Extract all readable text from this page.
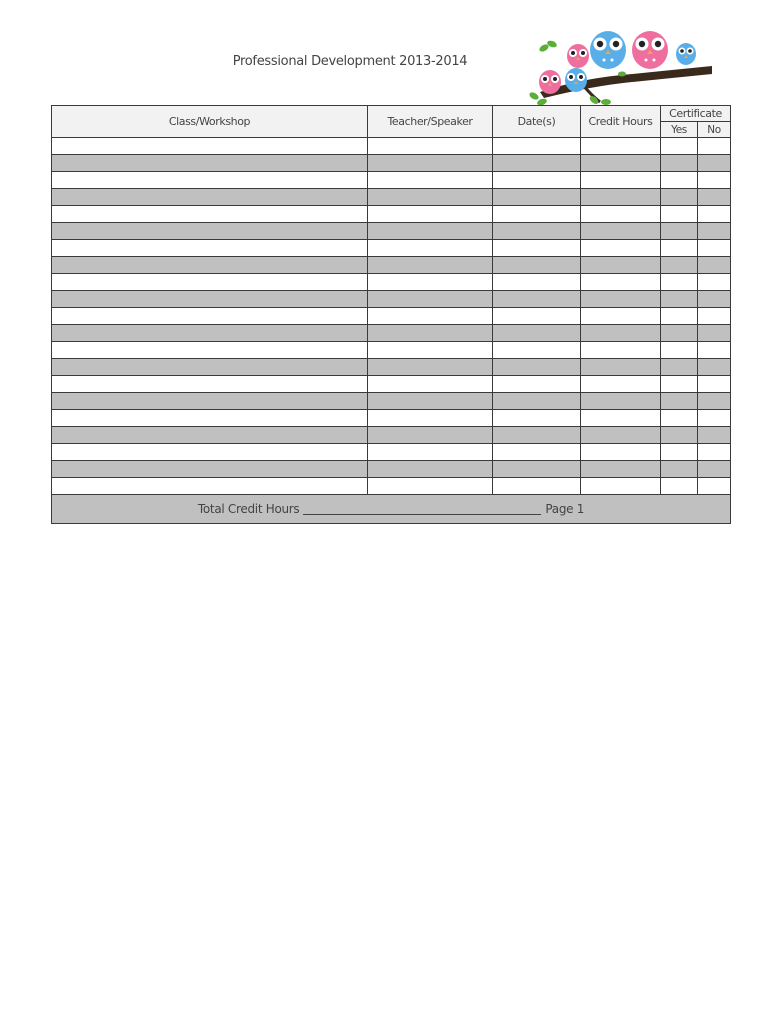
Professional Development 2013-2014
Class/Workshop	Teacher/Speaker	Date(s)	Credit Hours	Certificate	
				Yes	No

Total Credit Hours Page 1					
